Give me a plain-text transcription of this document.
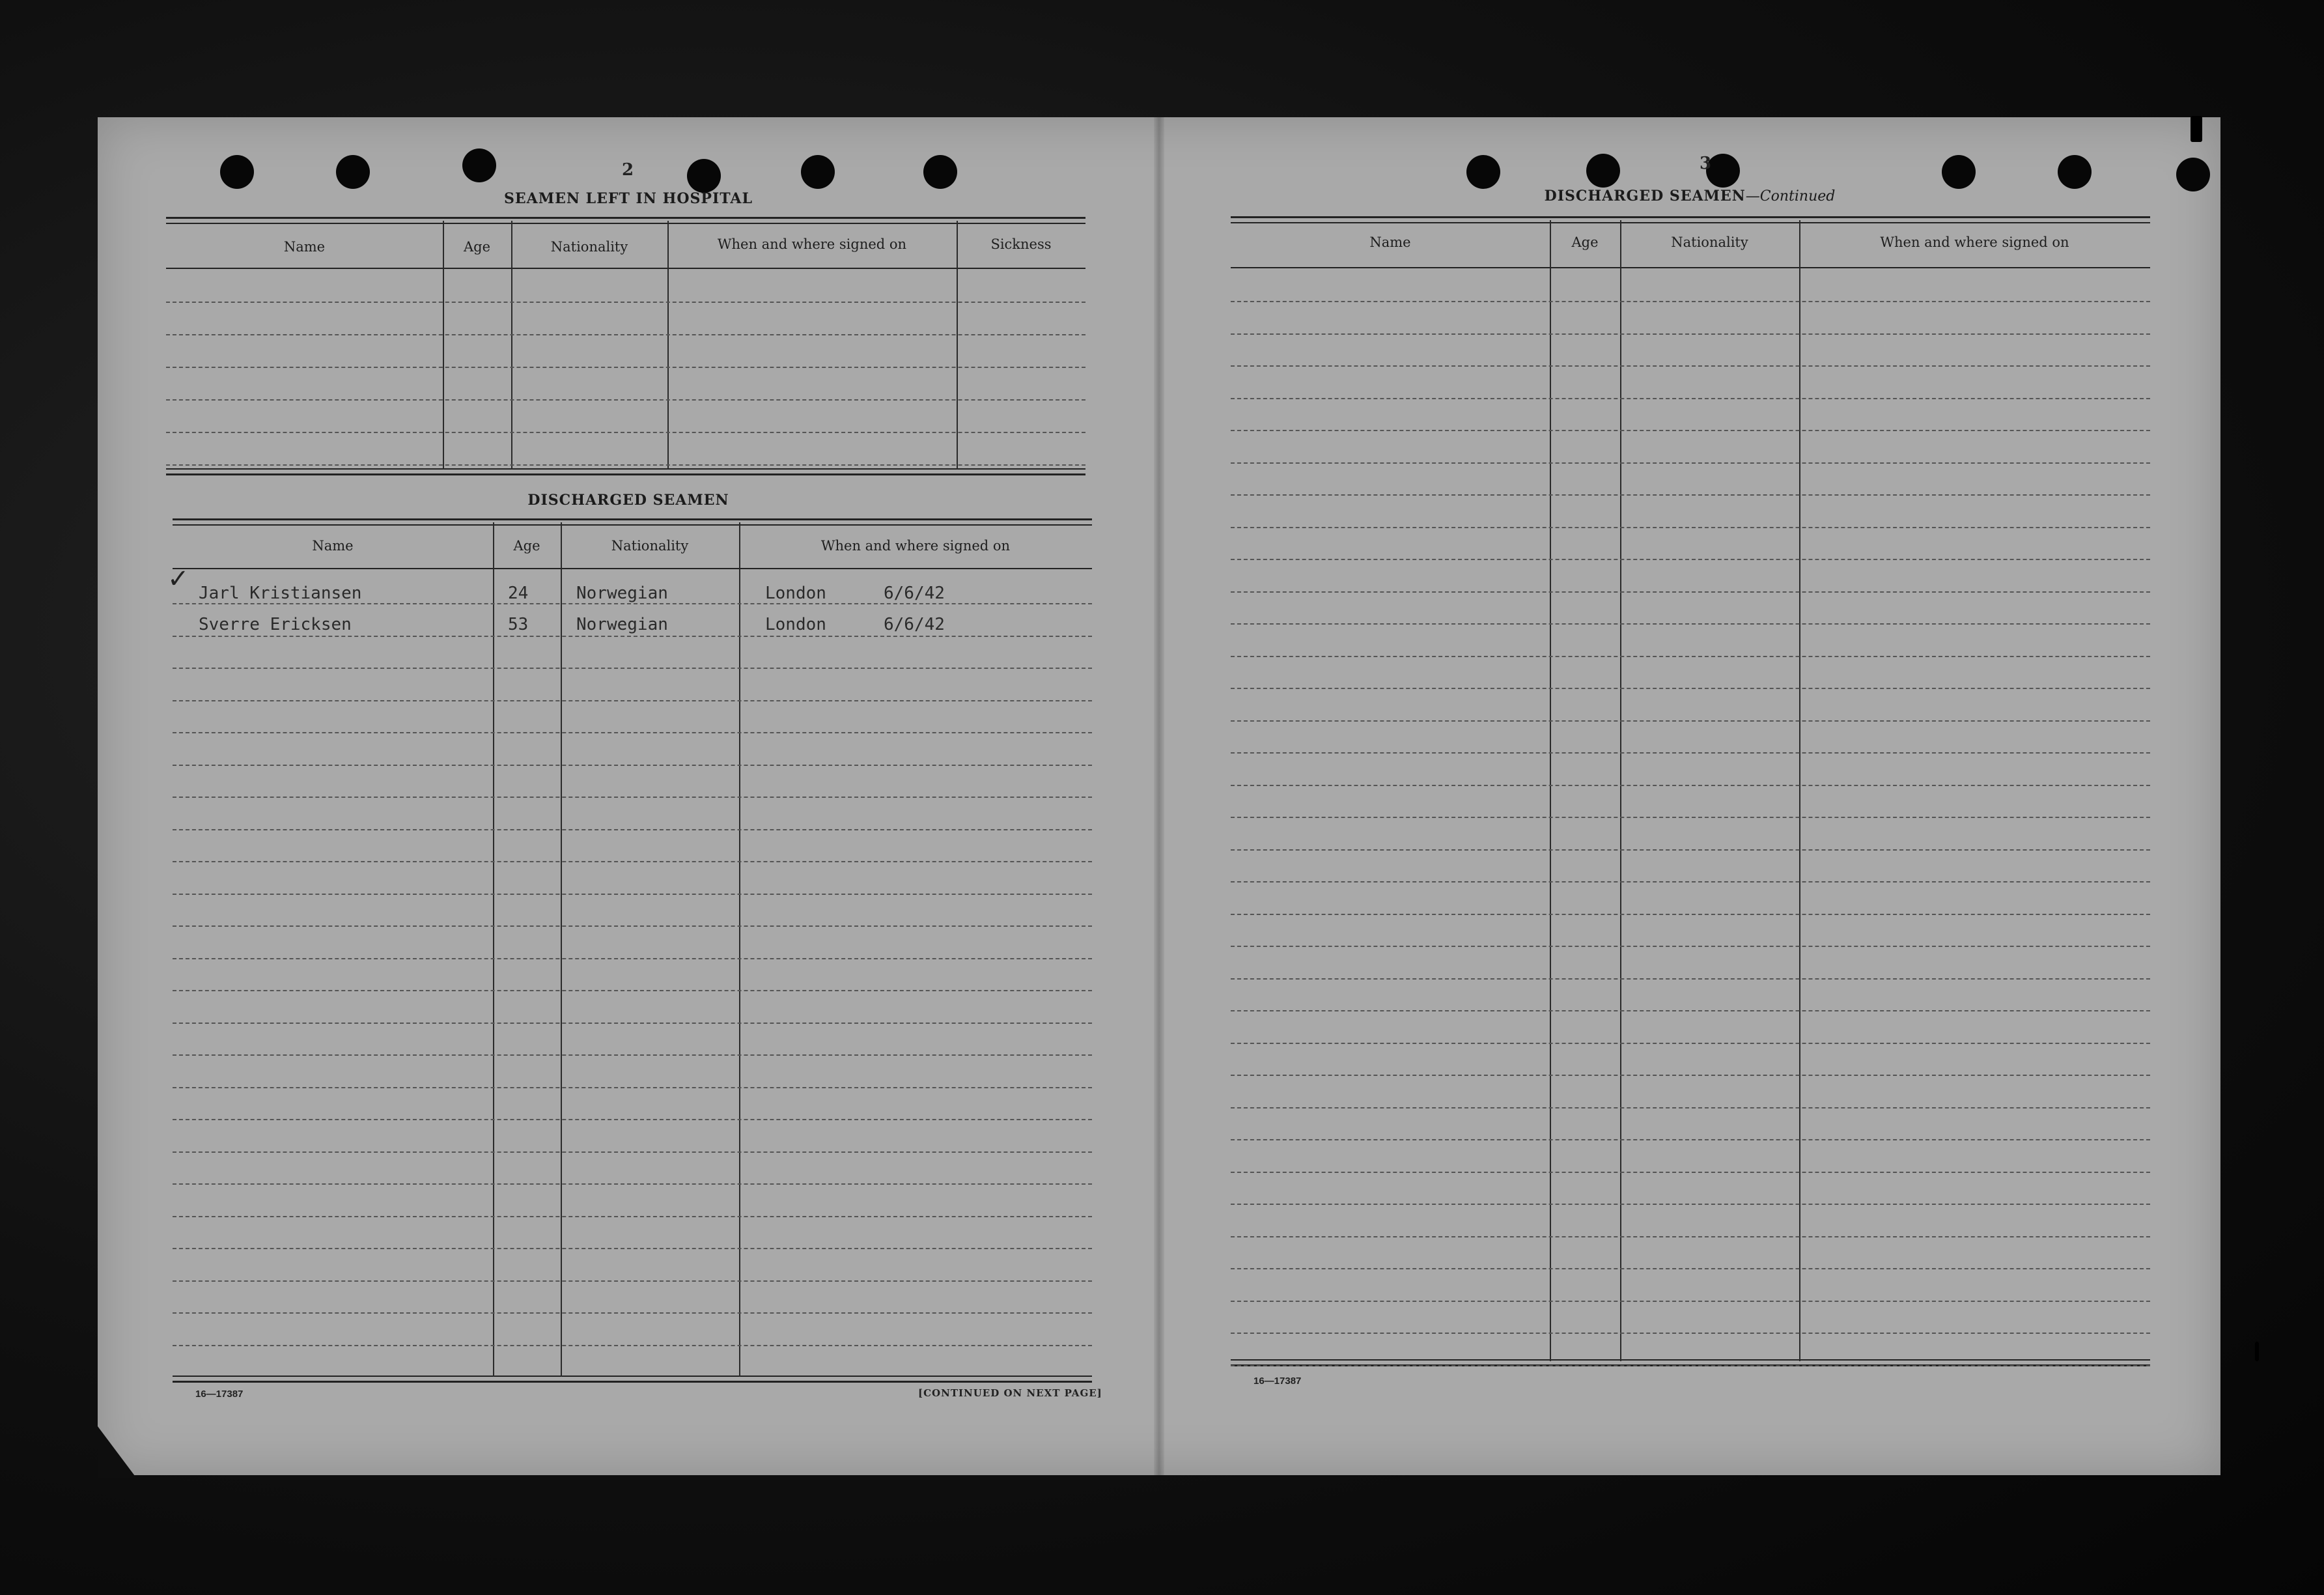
2
SEAMEN LEFT IN HOSPITAL
Name	Age	Nationality	When and where signed on	Sickness
DISCHARGED SEAMEN
Name	Age	Nationality	When and where signed on
✓ Jarl Kristiansen	24	Norwegian	London	6/6/42
Sverre Ericksen	53	Norwegian	London	6/6/42
16—17387	[CONTINUED ON NEXT PAGE]
3
DISCHARGED SEAMEN—Continued
Name	Age	Nationality	When and where signed on
16—17387
